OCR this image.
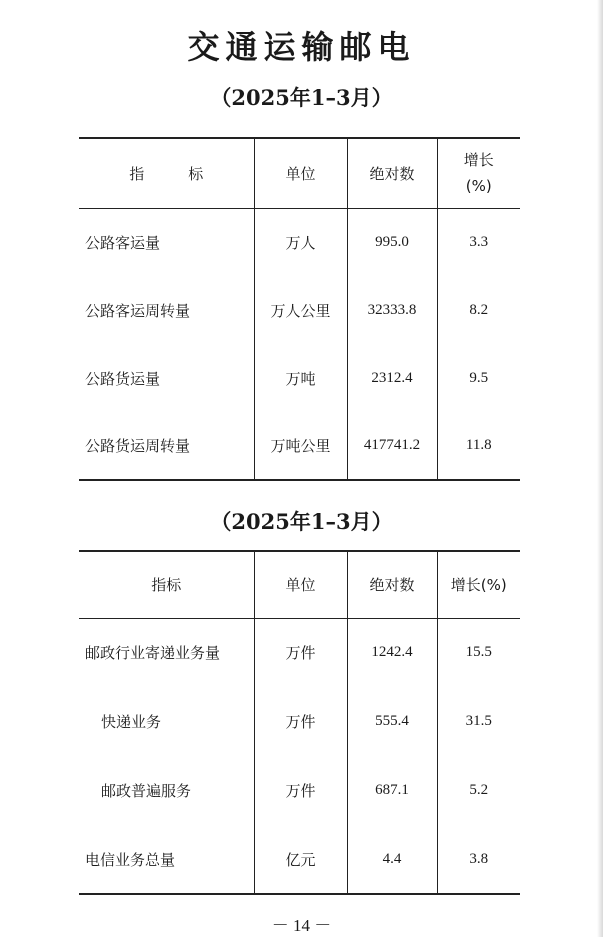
交通运输邮电
（2025年1–3月）
指 标	单位	绝对数	增长
(%)

公路客运量	万人	995.0	3.3
公路客运周转量	万人公里	32333.8	8.2
公路货运量	万吨	2312.4	9.5
公路货运周转量	万吨公里	417741.2	11.8
（2025年1–3月）
指标	单位	绝对数	增长(%)
邮政行业寄递业务量	万件	1242.4	15.5
快递业务	万件	555.4	31.5
邮政普遍服务	万件	687.1	5.2
电信业务总量	亿元	4.4	3.8
－ 14 －
